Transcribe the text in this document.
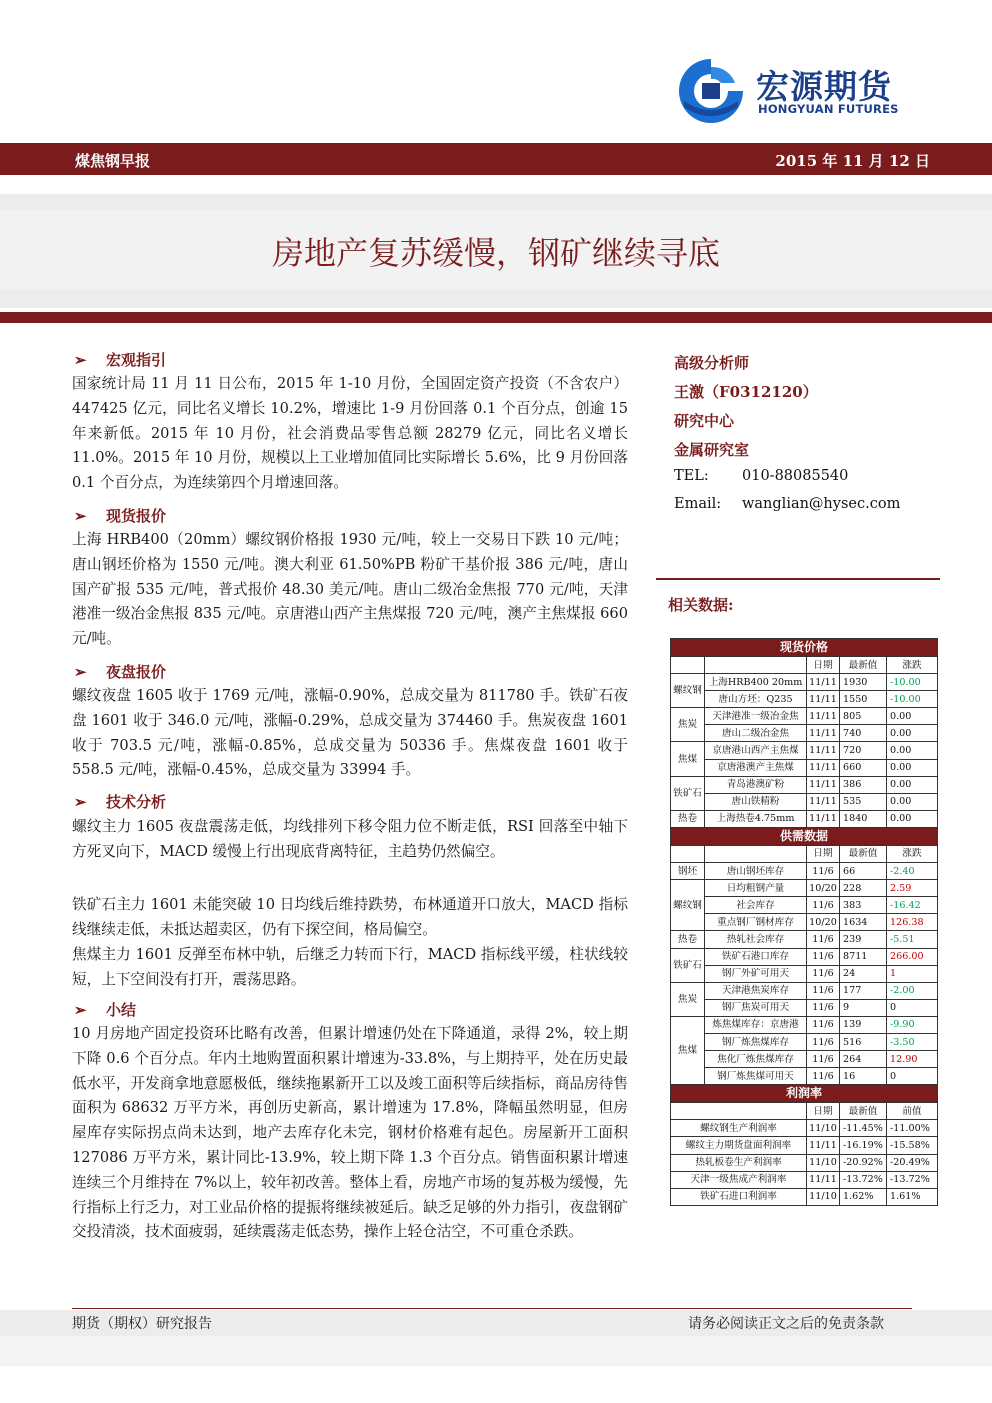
宏源期货
HONGYUAN FUTURES
煤焦钢早报	2015 年 11 月 12 日
房地产复苏缓慢，钢矿继续寻底
➢ 宏观指引
国家统计局 11 月 11 日公布，2015 年 1-10 月份，全国固定资产投资（不含农户）447425 亿元，同比名义增长 10.2%，增速比 1-9 月份回落 0.1 个百分点，创逾 15 年来新低。2015 年 10 月份，社会消费品零售总额 28279 亿元，同比名义增长 11.0%。2015 年 10 月份，规模以上工业增加值同比实际增长 5.6%，比 9 月份回落 0.1 个百分点，为连续第四个月增速回落。
➢ 现货报价
上海 HRB400（20mm）螺纹钢价格报 1930 元/吨，较上一交易日下跌 10 元/吨；唐山钢坯价格为 1550 元/吨。澳大利亚 61.50%PB 粉矿干基价报 386 元/吨，唐山国产矿报 535 元/吨，普式报价 48.30 美元/吨。唐山二级冶金焦报 770 元/吨，天津港准一级冶金焦报 835 元/吨。京唐港山西产主焦煤报 720 元/吨，澳产主焦煤报 660 元/吨。
➢ 夜盘报价
螺纹夜盘 1605 收于 1769 元/吨，涨幅-0.90%，总成交量为 811780 手。铁矿石夜盘 1601 收于 346.0 元/吨，涨幅-0.29%，总成交量为 374460 手。焦炭夜盘 1601 收于 703.5 元/吨，涨幅-0.85%，总成交量为 50336 手。焦煤夜盘 1601 收于 558.5 元/吨，涨幅-0.45%，总成交量为 33994 手。
➢ 技术分析
螺纹主力 1605 夜盘震荡走低，均线排列下移令阻力位不断走低，RSI 回落至中轴下方死叉向下，MACD 缓慢上行出现底背离特征，主趋势仍然偏空。
铁矿石主力 1601 未能突破 10 日均线后维持跌势，布林通道开口放大，MACD 指标线继续走低，未抵达超卖区，仍有下探空间，格局偏空。
焦煤主力 1601 反弹至布林中轨，后继乏力转而下行，MACD 指标线平缓，柱状线较短，上下空间没有打开，震荡思路。
➢ 小结
10 月房地产固定投资环比略有改善，但累计增速仍处在下降通道，录得 2%，较上期下降 0.6 个百分点。年内土地购置面积累计增速为-33.8%，与上期持平，处在历史最低水平，开发商拿地意愿极低，继续拖累新开工以及竣工面积等后续指标，商品房待售面积为 68632 万平方米，再创历史新高，累计增速为 17.8%，降幅虽然明显，但房屋库存实际拐点尚未达到，地产去库存化未完，钢材价格难有起色。房屋新开工面积 127086 万平方米，累计同比-13.9%，较上期下降 1.3 个百分点。销售面积累计增速连续三个月维持在 7%以上，较年初改善。整体上看，房地产市场的复苏极为缓慢，先行指标上行乏力，对工业品价格的提振将继续被延后。缺乏足够的外力指引，夜盘钢矿交投清淡，技术面疲弱，延续震荡走低态势，操作上轻仓沽空，不可重仓杀跌。
高级分析师
王激（F0312120）
研究中心
金属研究室
TEL: 010-88085540
Email: wanglian@hysec.com
相关数据:
现货价格				
		日期	最新值	涨跌
螺纹钢	上海HRB400 20mm	11/11	1930	-10.00
	唐山方坯：Q235	11/11	1550	-10.00
焦炭	天津港准一级冶金焦	11/11	805	0.00
	唐山二级冶金焦	11/11	740	0.00
焦煤	京唐港山西产主焦煤	11/11	720	0.00
	京唐港澳产主焦煤	11/11	660	0.00
铁矿石	青岛港澳矿粉	11/11	386	0.00
	唐山铁精粉	11/11	535	0.00
热卷	上海热卷4.75mm	11/11	1840	0.00
供需数据				
		日期	最新值	涨跌
钢坯	唐山钢坯库存	11/6	66	-2.40
螺纹钢	日均粗钢产量	10/20	228	2.59
	社会库存	11/6	383	-16.42
	重点钢厂钢材库存	10/20	1634	126.38
热卷	热轧社会库存	11/6	239	-5.51
铁矿石	铁矿石港口库存	11/6	8711	266.00
	钢厂外矿可用天	11/6	24	1
焦炭	天津港焦炭库存	11/6	177	-2.00
	钢厂焦炭可用天	11/6	9	0
焦煤	炼焦煤库存：京唐港	11/6	139	-9.90
	钢厂炼焦煤库存	11/6	516	-3.50
	焦化厂炼焦煤库存	11/6	264	12.90
	钢厂炼焦煤可用天	11/6	16	0
利润率				
		日期	最新值	前值
螺纹钢生产利润率		11/10	-11.45%	-11.00%
螺纹主力期货盘面利润率		11/11	-16.19%	-15.58%
热轧板卷生产利润率		11/10	-20.92%	-20.49%
天津一级焦成产利润率		11/11	-13.72%	-13.72%
铁矿石进口利润率		11/10	1.62%	1.61%
期货（期权）研究报告	请务必阅读正文之后的免责条款
